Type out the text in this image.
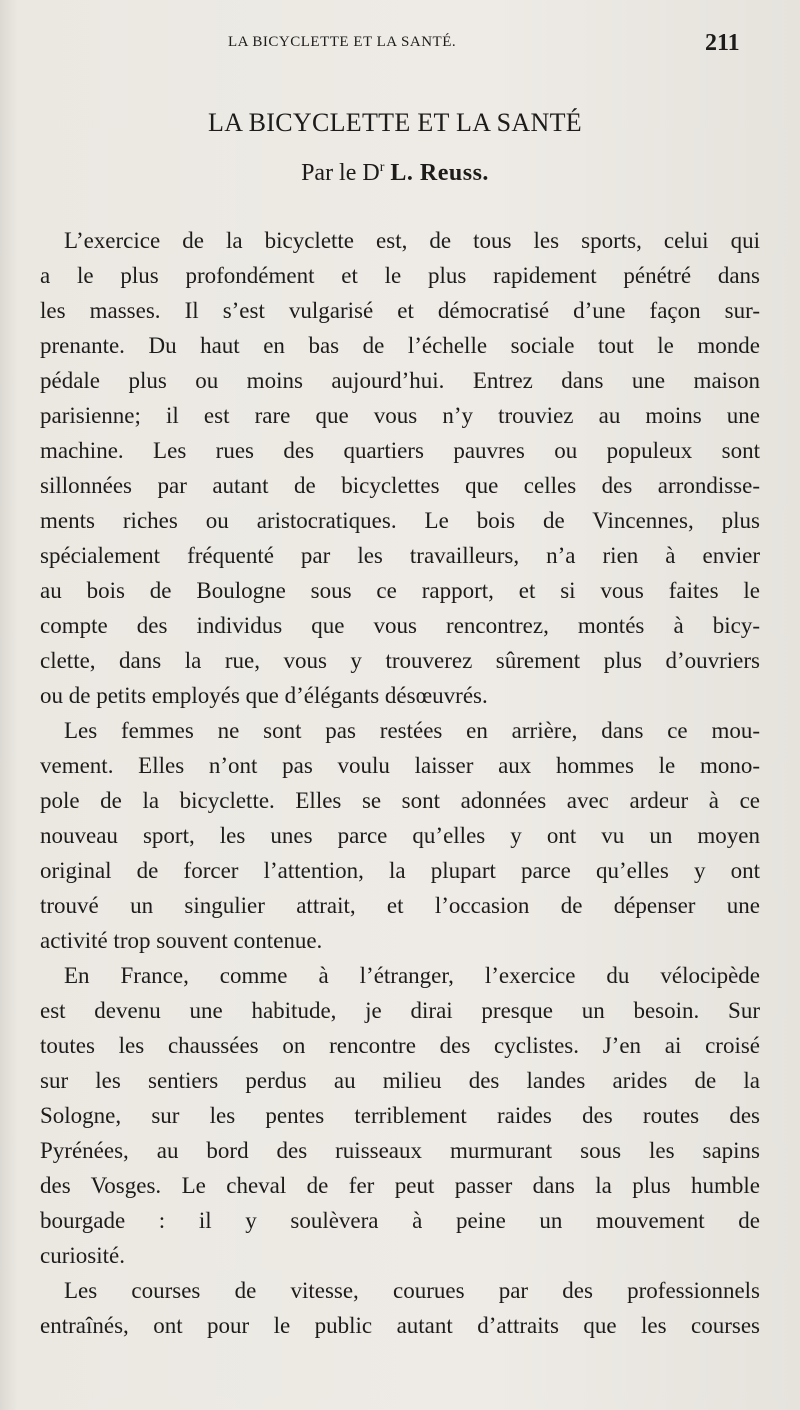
LA BICYCLETTE ET LA SANTÉ.	211
LA BICYCLETTE ET LA SANTÉ
Par le $D^r$ L. Reuss.
L’exercice de la bicyclette est, de tous les sports, celui qui
a le plus profondément et le plus rapidement pénétré dans
les masses. Il s’est vulgarisé et démocratisé d’une façon sur-
prenante. Du haut en bas de l’échelle sociale tout le monde
pédale plus ou moins aujourd’hui. Entrez dans une maison
parisienne; il est rare que vous n’y trouviez au moins une
machine. Les rues des quartiers pauvres ou populeux sont
sillonnées par autant de bicyclettes que celles des arrondisse-
ments riches ou aristocratiques. Le bois de Vincennes, plus
spécialement fréquenté par les travailleurs, n’a rien à envier
au bois de Boulogne sous ce rapport, et si vous faites le
compte des individus que vous rencontrez, montés à bicy-
clette, dans la rue, vous y trouverez sûrement plus d’ouvriers
ou de petits employés que d’élégants désœuvrés.
Les femmes ne sont pas restées en arrière, dans ce mou-
vement. Elles n’ont pas voulu laisser aux hommes le mono-
pole de la bicyclette. Elles se sont adonnées avec ardeur à ce
nouveau sport, les unes parce qu’elles y ont vu un moyen
original de forcer l’attention, la plupart parce qu’elles y ont
trouvé un singulier attrait, et l’occasion de dépenser une
activité trop souvent contenue.
En France, comme à l’étranger, l’exercice du vélocipède
est devenu une habitude, je dirai presque un besoin. Sur
toutes les chaussées on rencontre des cyclistes. J’en ai croisé
sur les sentiers perdus au milieu des landes arides de la
Sologne, sur les pentes terriblement raides des routes des
Pyrénées, au bord des ruisseaux murmurant sous les sapins
des Vosges. Le cheval de fer peut passer dans la plus humble
bourgade : il y soulèvera à peine un mouvement de
curiosité.
Les courses de vitesse, courues par des professionnels
entraînés, ont pour le public autant d’attraits que les courses
